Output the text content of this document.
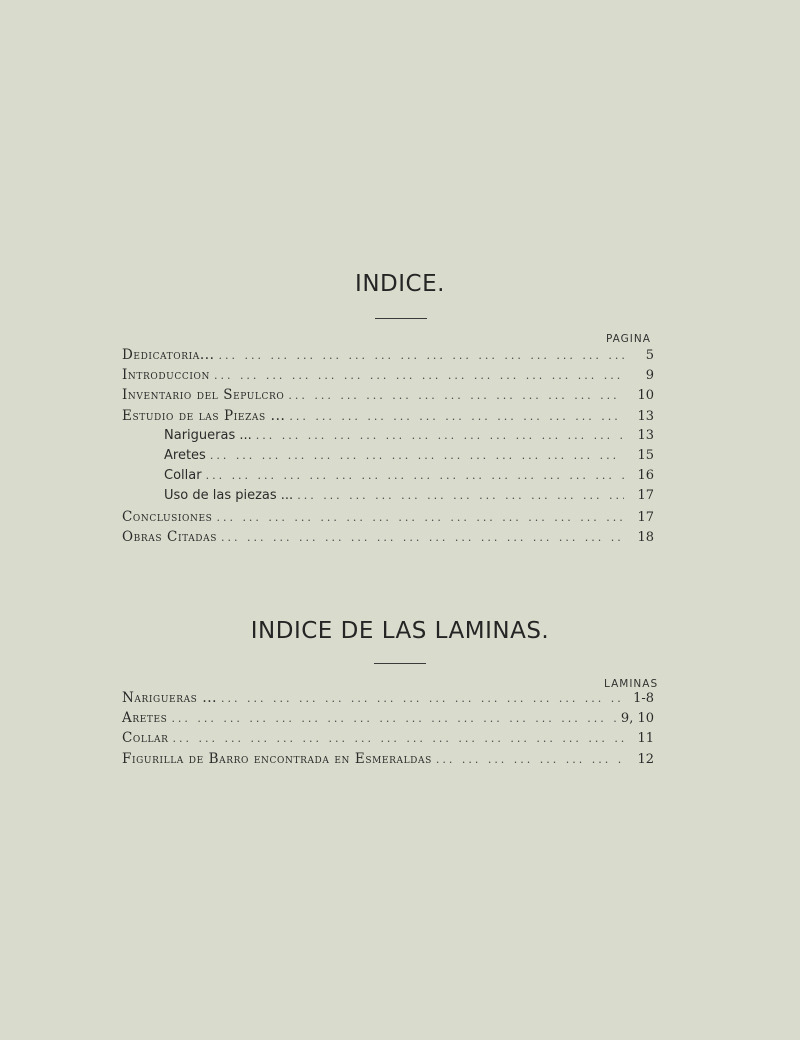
INDICE.
PAGINA
Dedicatoria... ... .	5
Introduccion ... .	9
Inventario del Sepulcro ... .	10
Estudio de las Piezas ... ... .	13
Narigueras ... ... .	13
Aretes ... .	15
Collar ... .	16
Uso de las piezas ... ... .	17
Conclusiones ... .	17
Obras Citadas ... .	18
INDICE DE LAS LAMINAS.
LAMINAS
Narigueras ... ... .	1-8
Aretes ... .	9, 10
Collar ... .	11
Figurilla de Barro encontrada en Esmeraldas ... .	12
